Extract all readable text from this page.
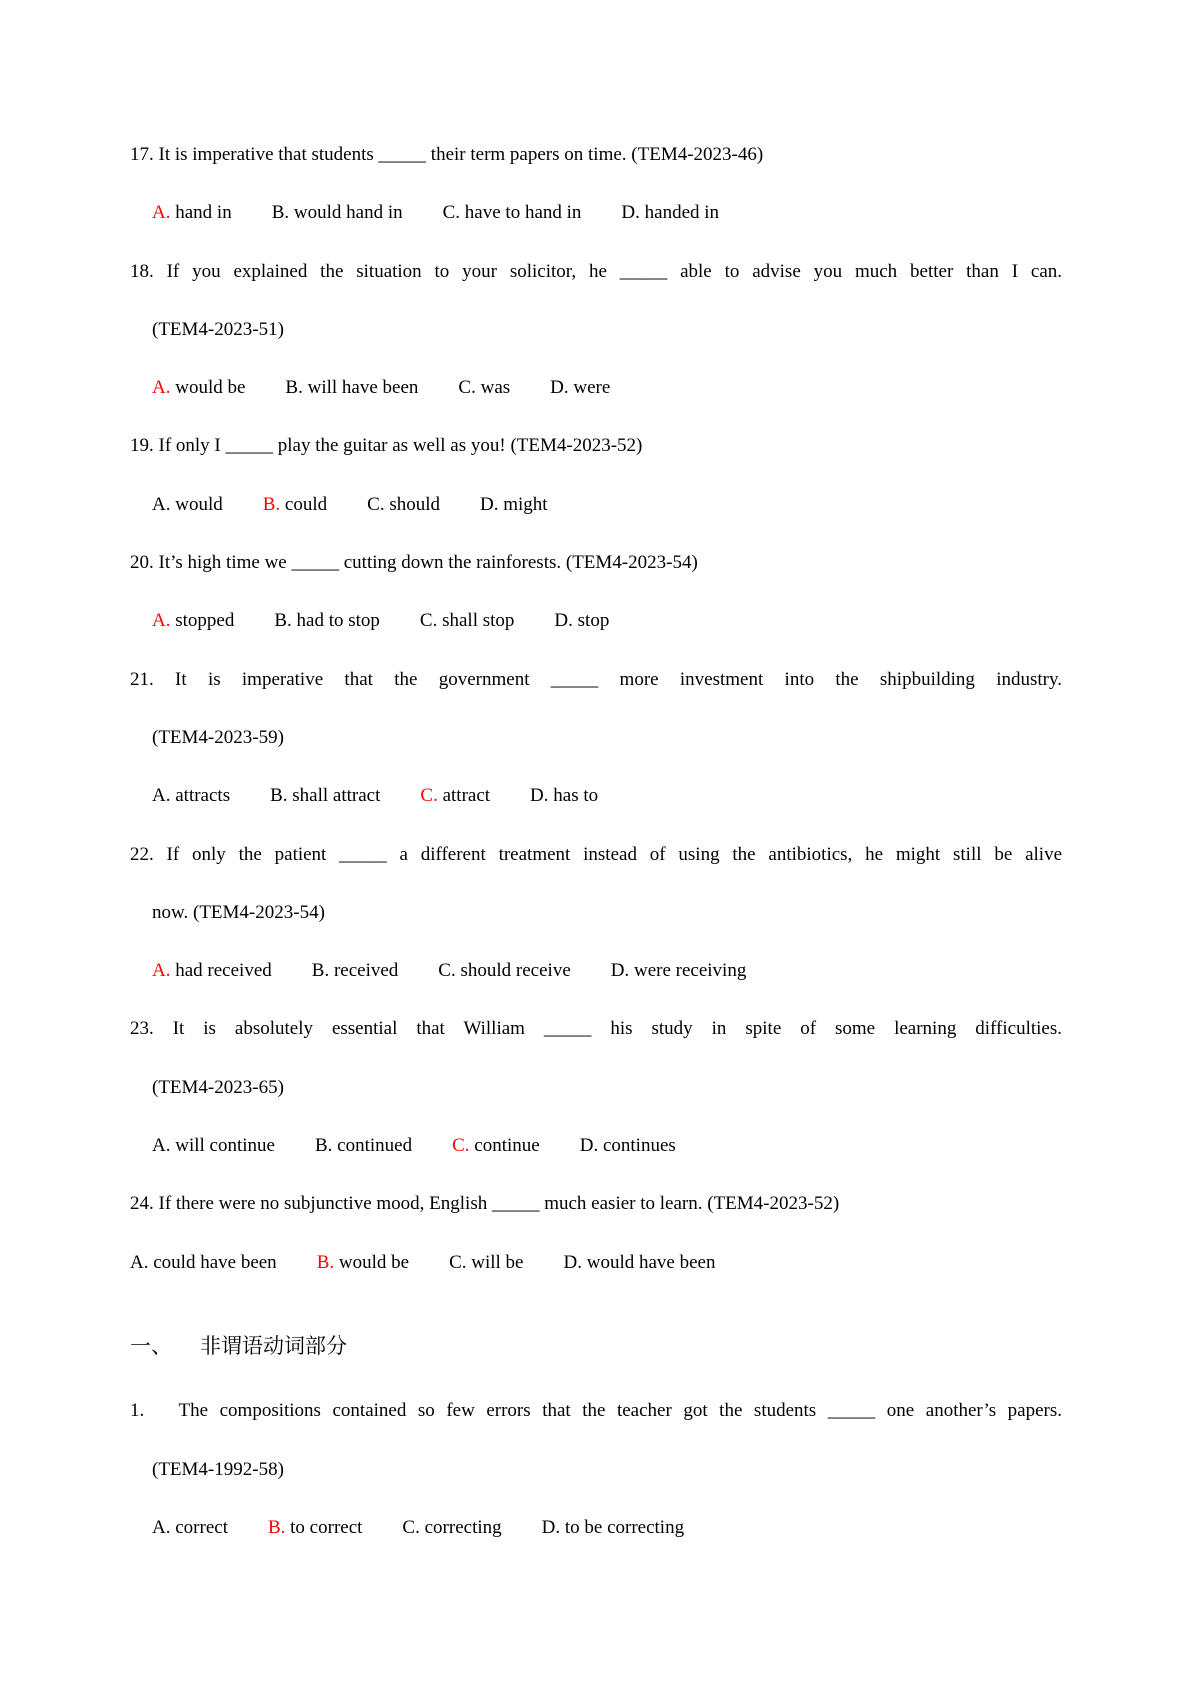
17. It is imperative that students _____ their term papers on time. (TEM4-2023-46)
A. hand in B. would hand in C. have to hand in D. handed in
18. If you explained the situation to your solicitor, he _____ able to advise you much better than I can.
(TEM4-2023-51)
A. would be B. will have been C. was D. were
19. If only I _____ play the guitar as well as you! (TEM4-2023-52)
A. would B. could C. should D. might
20. It’s high time we _____ cutting down the rainforests. (TEM4-2023-54)
A. stopped B. had to stop C. shall stop D. stop
21. It is imperative that the government _____ more investment into the shipbuilding industry.
(TEM4-2023-59)
A. attracts B. shall attract C. attract D. has to
22. If only the patient _____ a different treatment instead of using the antibiotics, he might still be alive
now. (TEM4-2023-54)
A. had received B. received C. should receive D. were receiving
23. It is absolutely essential that William _____ his study in spite of some learning difficulties.
(TEM4-2023-65)
A. will continue B. continued C. continue D. continues
24. If there were no subjunctive mood, English _____ much easier to learn. (TEM4-2023-52)
A. could have been B. would be C. will be D. would have been
一、 非谓语动词部分
1.   The compositions contained so few errors that the teacher got the students _____ one another’s papers.
(TEM4-1992-58)
A. correct B. to correct C. correcting D. to be correcting
